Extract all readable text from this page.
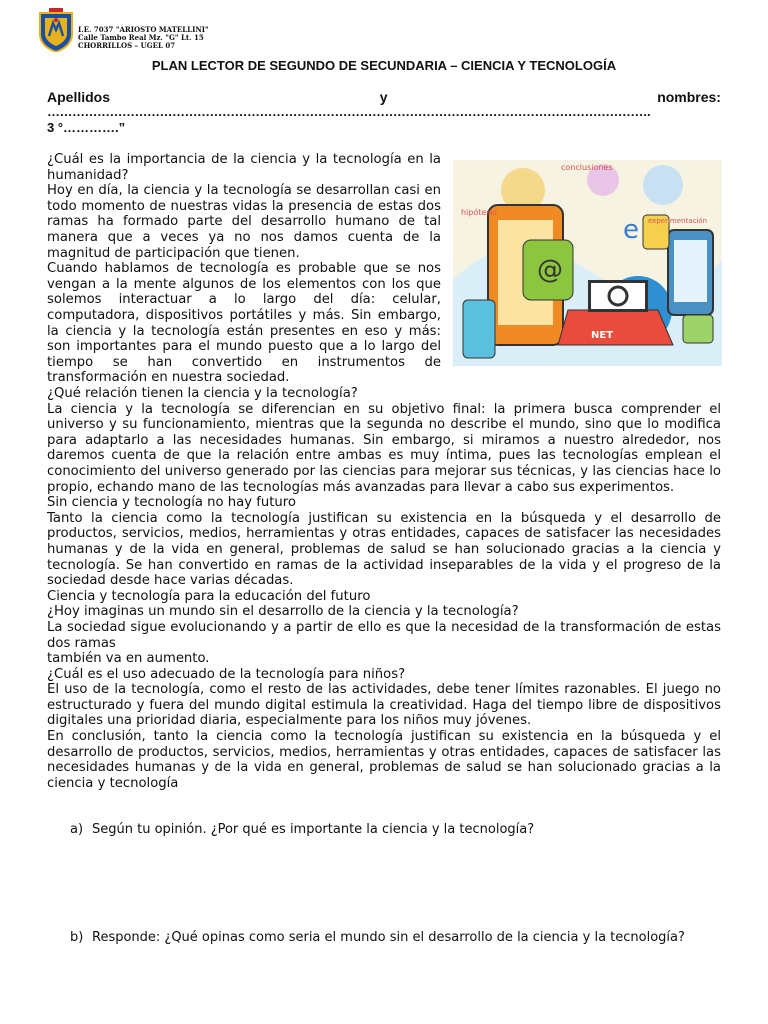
I.E. 7037 "ARIOSTO MATELLINI"
Calle Tambo Real Mz. "G" Lt. 15
CHORRILLOS – UGEL 07
PLAN LECTOR DE SEGUNDO DE SECUNDARIA – CIENCIA Y TECNOLOGÍA
Apellidos	y	nombres:
……………………………………………………………………………………………………………………………….
3 °………….”

¿Cuál es la importancia de la ciencia y la tecnología en la humanidad?

Hoy en día, la ciencia y la tecnología se desarrollan casi en todo momento de nuestras vidas la presencia de estas dos ramas ha formado parte del desarrollo humano de tal manera que a veces ya no nos damos cuenta de la magnitud de participación que tienen.

Cuando hablamos de tecnología es probable que se nos vengan a la mente algunos de los elementos con los que solemos interactuar a lo largo del día: celular, computadora, dispositivos portátiles y más. Sin embargo, la ciencia y la tecnología están presentes en eso y más: son importantes para el mundo puesto que a lo largo del tiempo se han convertido en instrumentos de transformación en nuestra sociedad.

@
e
hipótesis
conclusiones
experimentación
NET

¿Qué relación tienen la ciencia y la tecnología?

La ciencia y la tecnología se diferencian en su objetivo final: la primera busca comprender el universo y su funcionamiento, mientras que la segunda no describe el mundo, sino que lo modifica para adaptarlo a las necesidades humanas. Sin embargo, si miramos a nuestro alrededor, nos daremos cuenta de que la relación entre ambas es muy íntima, pues las tecnologías emplean el conocimiento del universo generado por las ciencias para mejorar sus técnicas, y las ciencias hace lo propio, echando mano de las tecnologías más avanzadas para llevar a cabo sus experimentos.

Sin ciencia y tecnología no hay futuro

Tanto la ciencia como la tecnología justifican su existencia en la búsqueda y el desarrollo de productos, servicios, medios, herramientas y otras entidades, capaces de satisfacer las necesidades humanas y de la vida en general, problemas de salud se han solucionado gracias a la ciencia y tecnología. Se han convertido en ramas de la actividad inseparables de la vida y el progreso de la sociedad desde hace varias décadas.

Ciencia y tecnología para la educación del futuro

¿Hoy imaginas un mundo sin el desarrollo de la ciencia y la tecnología?

La sociedad sigue evolucionando y a partir de ello es que la necesidad de la transformación de estas dos ramas

también va en aumento.

¿Cuál es el uso adecuado de la tecnología para niños?

El uso de la tecnología, como el resto de las actividades, debe tener límites razonables. El juego no estructurado y fuera del mundo digital estimula la creatividad. Haga del tiempo libre de dispositivos digitales una prioridad diaria, especialmente para los niños muy jóvenes.

En conclusión, tanto la ciencia como la tecnología justifican su existencia en la búsqueda y el desarrollo de productos, servicios, medios, herramientas y otras entidades, capaces de satisfacer las necesidades humanas y de la vida en general, problemas de salud se han solucionado gracias a la ciencia y tecnología

a) Según tu opinión. ¿Por qué es importante la ciencia y la tecnología?
b) Responde: ¿Qué opinas como seria el mundo sin el desarrollo de la ciencia y la tecnología?
